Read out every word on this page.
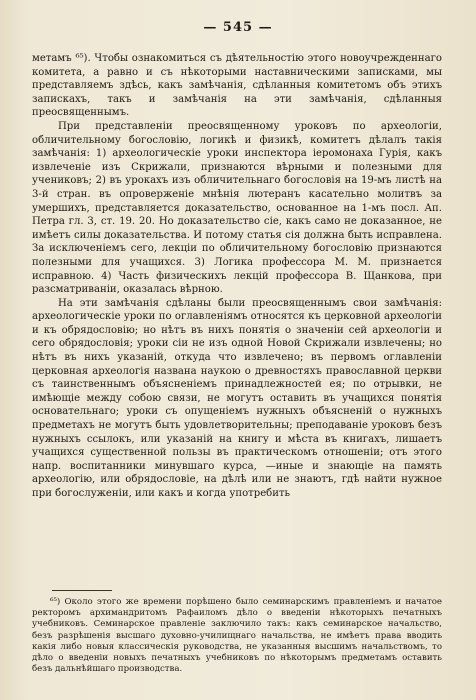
— 545 —

метамъ ⁶⁵). Чтобы ознакомиться съ дѣятельностію этого новоучрежденнаго комитета, а равно и съ нѣкоторыми наставническими записками, мы представляемъ здѣсь, какъ замѣчанія, сдѣланныя комитетомъ объ этихъ запискахъ, такъ и замѣчанія на эти замѣчанія, сдѣланныя преосвященнымъ.

При представленіи преосвященному уроковъ по археологіи, обличительному богословію, логикѣ и физикѣ, комитетъ дѣлалъ такія замѣчанія: 1) археологическіе уроки инспектора іеромонаха Гурія, какъ извлеченіе изъ Скрижали, признаются вѣрными и полезными для учениковъ; 2) въ урокахъ изъ обличительнаго богословія на 19-мъ листѣ на 3-й стран. въ опроверженіе мнѣнія лютеранъ касательно молитвъ за умершихъ, представляется доказательство, основанное на 1-мъ посл. Ап. Петра гл. 3, ст. 19. 20. Но доказательство сіе, какъ само не доказанное, не имѣетъ силы доказательства. И потому статья сія должна быть исправлена. За исключеніемъ сего, лекціи по обличительному богословію признаются полезными для учащихся. 3) Логика профессора М. М. признается исправною. 4) Часть физическихъ лекцій профессора В. Щанкова, при разсматриваніи, оказалась вѣрною.

На эти замѣчанія сдѣланы были преосвященнымъ свои замѣчанія: археологическіе уроки по оглавленіямъ относятся къ церковной археологіи и къ обрядословію; но нѣтъ въ нихъ понятія о значеніи сей археологіи и сего обрядословія; уроки сіи не изъ одной Новой Скрижали извлечены; но нѣтъ въ нихъ указаній, откуда что извлечено; въ первомъ оглавленіи церковная археологія названа наукою о древностяхъ православной церкви съ таинственнымъ объясненіемъ принадлежностей ея; по отрывки, не имѣющіе между собою связи, не могутъ оставить въ учащихся понятія основательнаго; уроки съ опущеніемъ нужныхъ объясненій о нужныхъ предметахъ не могутъ быть удовлетворительны; преподаваніе уроковъ безъ нужныхъ ссылокъ, или указаній на книгу и мѣста въ книгахъ, лишаетъ учащихся существенной пользы въ практическомъ отношеніи; отъ этого напр. воспитанники минувшаго курса, —иные и знающіе на память археологію, или обрядословіе, на дѣлѣ или не знаютъ, гдѣ найти нужное при богослуженіи, или какъ и когда употребить

⁶⁵) Около этого же времени порѣшено было семинарскимъ правленіемъ и начатое ректоромъ архимандритомъ Рафаиломъ дѣло о введеніи нѣкоторыхъ печатныхъ учебниковъ. Семинарское правленіе заключило такъ: какъ семинарское начальство, безъ разрѣшенія высшаго духовно-училищнаго начальства, не имѣетъ права вводить какія либо новыя классическія руководства, не указанныя высшимъ начальствомъ, то дѣло о введеніи новыхъ печатныхъ учебниковъ по нѣкоторымъ предметамъ оставить безъ дальнѣйшаго производства.
